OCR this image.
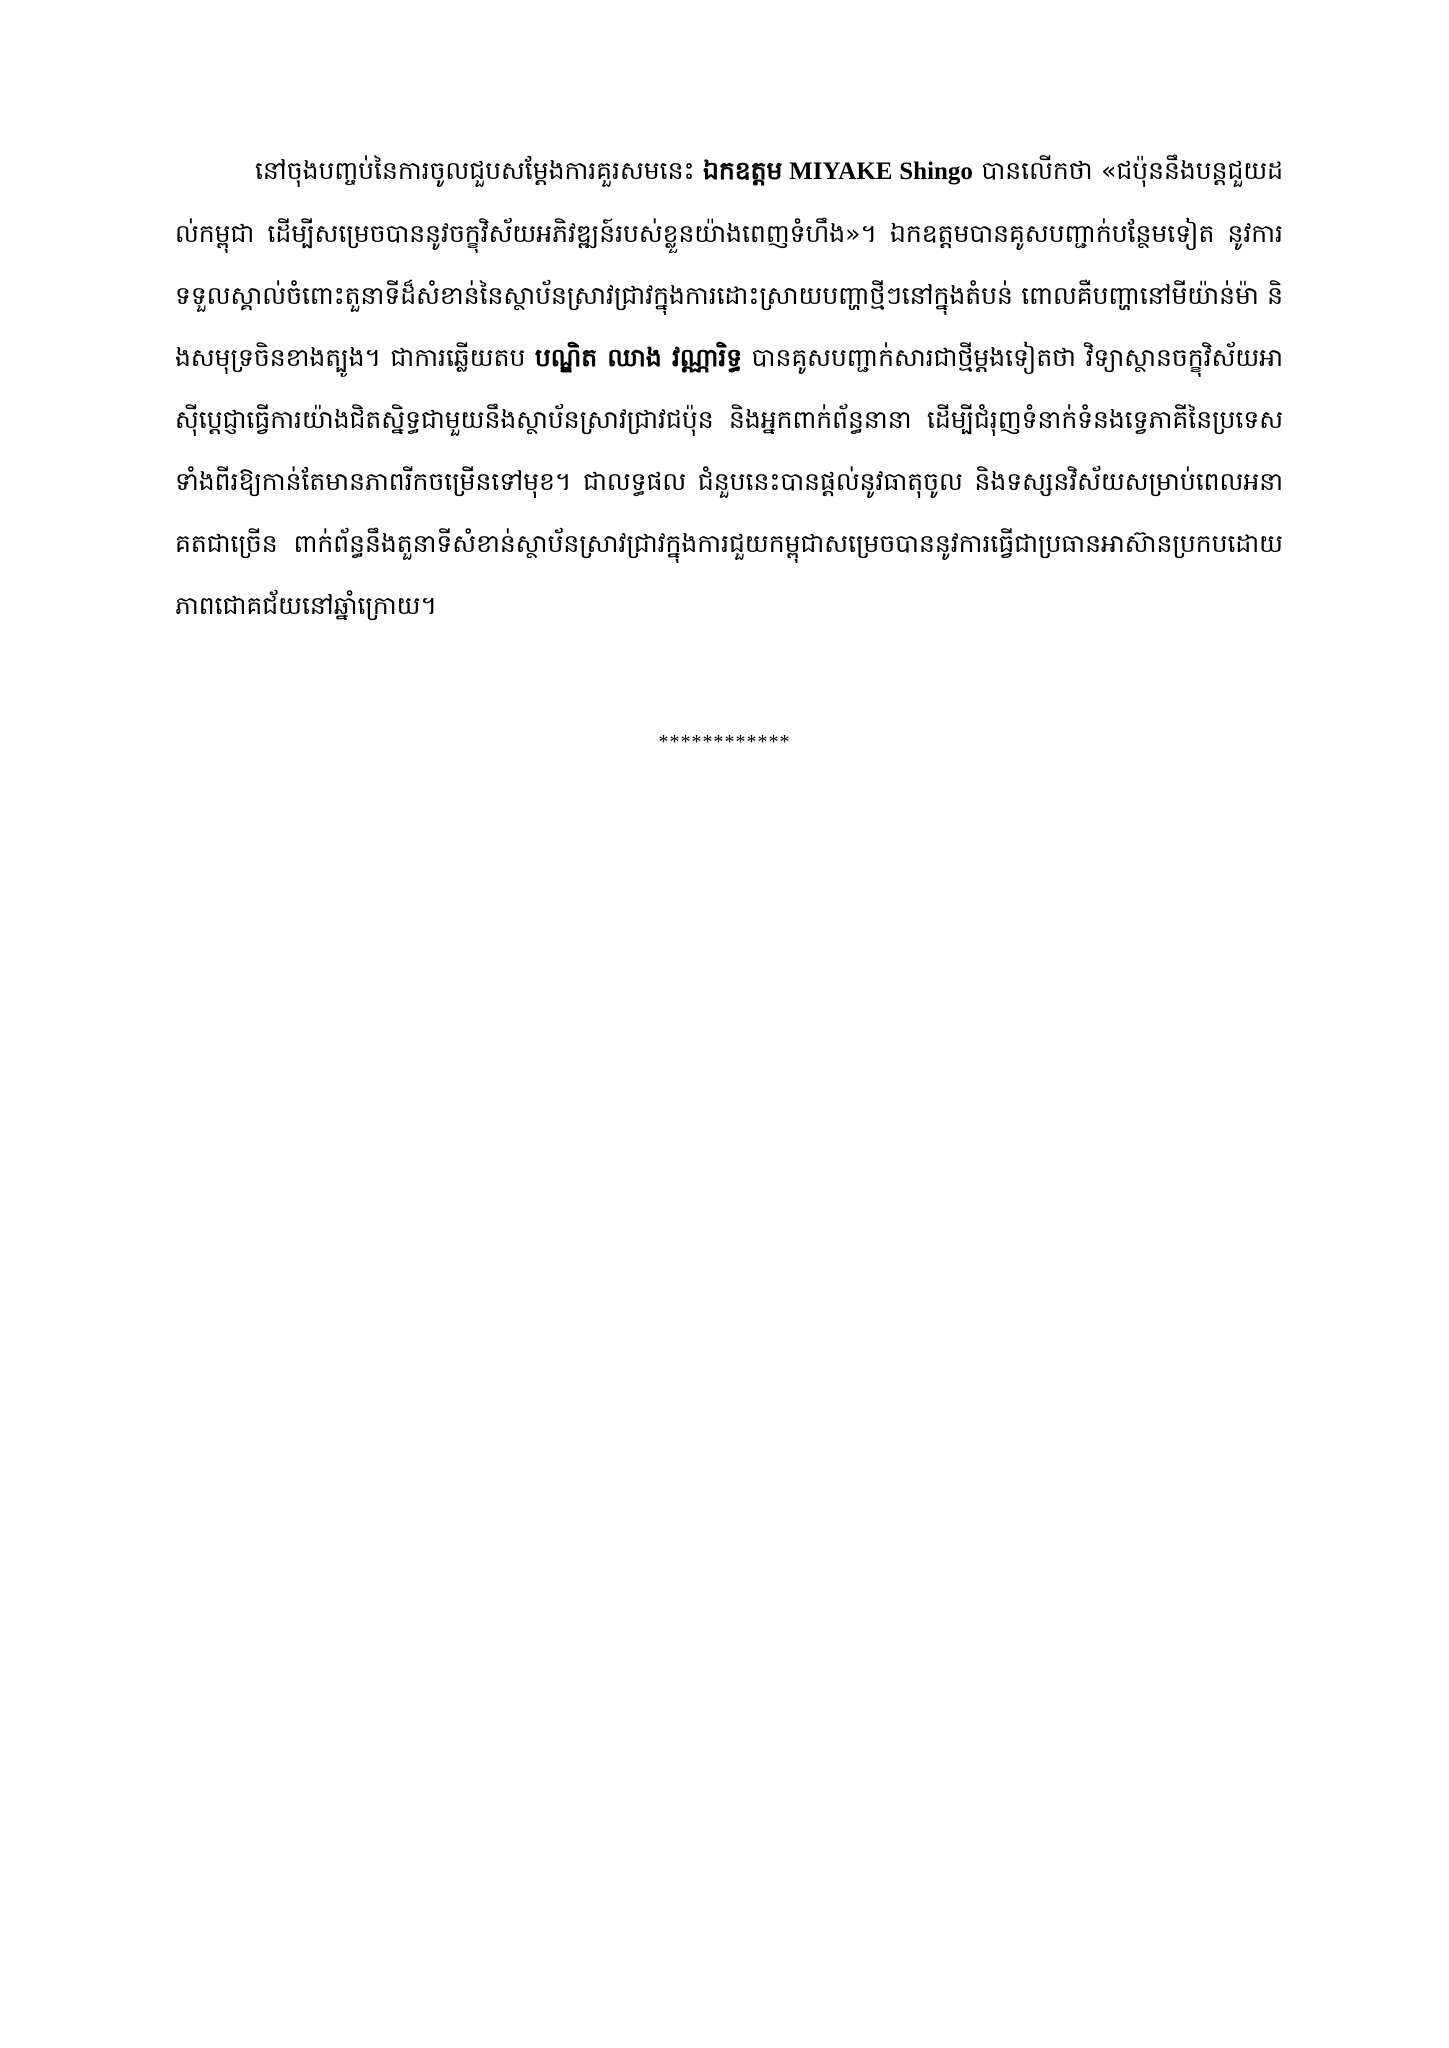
នៅចុងបញ្ចប់នៃការចូលជួបសម្តែងការគួរសមនេះ ឯកឧត្តម MIYAKE Shingo បានលើកថា «ជប៉ុននឹងបន្តជួយដល់កម្ពុជា ដើម្បីសម្រេចបាននូវចក្ខុវិស័យអភិវឌ្ឍន៍របស់ខ្លួនយ៉ាងពេញទំហឹង»។ ឯកឧត្តមបានគូសបញ្ជាក់បន្ថែមទៀត នូវការទទួលស្គាល់ចំពោះតួនាទីដ៏សំខាន់នៃស្ថាប័នស្រាវជ្រាវក្នុងការដោះស្រាយបញ្ហាថ្មីៗនៅក្នុងតំបន់ ពោលគឺបញ្ហានៅមីយ៉ាន់ម៉ា និងសមុទ្រចិនខាងត្បូង។ ជាការឆ្លើយតប បណ្ឌិត ឈាង វណ្ណារិទ្ធ បានគូសបញ្ជាក់សារជាថ្មីម្តងទៀតថា វិទ្យាស្ថានចក្ខុវិស័យអាស៊ីប្តេជ្ញាធ្វើការយ៉ាងជិតស្និទ្ធជាមួយនឹងស្ថាប័នស្រាវជ្រាវជប៉ុន និងអ្នកពាក់ព័ន្ធនានា ដើម្បីជំរុញទំនាក់ទំនងទ្វេភាគីនៃប្រទេសទាំងពីរឱ្យកាន់តែមានភាពរីកចម្រើនទៅមុខ។ ជាលទ្ធផល ជំនួបនេះបានផ្តល់នូវធាតុចូល និងទស្សនវិស័យសម្រាប់ពេលអនាគតជាច្រើន ពាក់ព័ន្ធនឹងតួនាទីសំខាន់ស្ថាប័នស្រាវជ្រាវក្នុងការជួយកម្ពុជាសម្រេចបាននូវការធ្វើជាប្រធានអាស៊ានប្រកបដោយភាពជោគជ័យនៅឆ្នាំក្រោយ។

************
